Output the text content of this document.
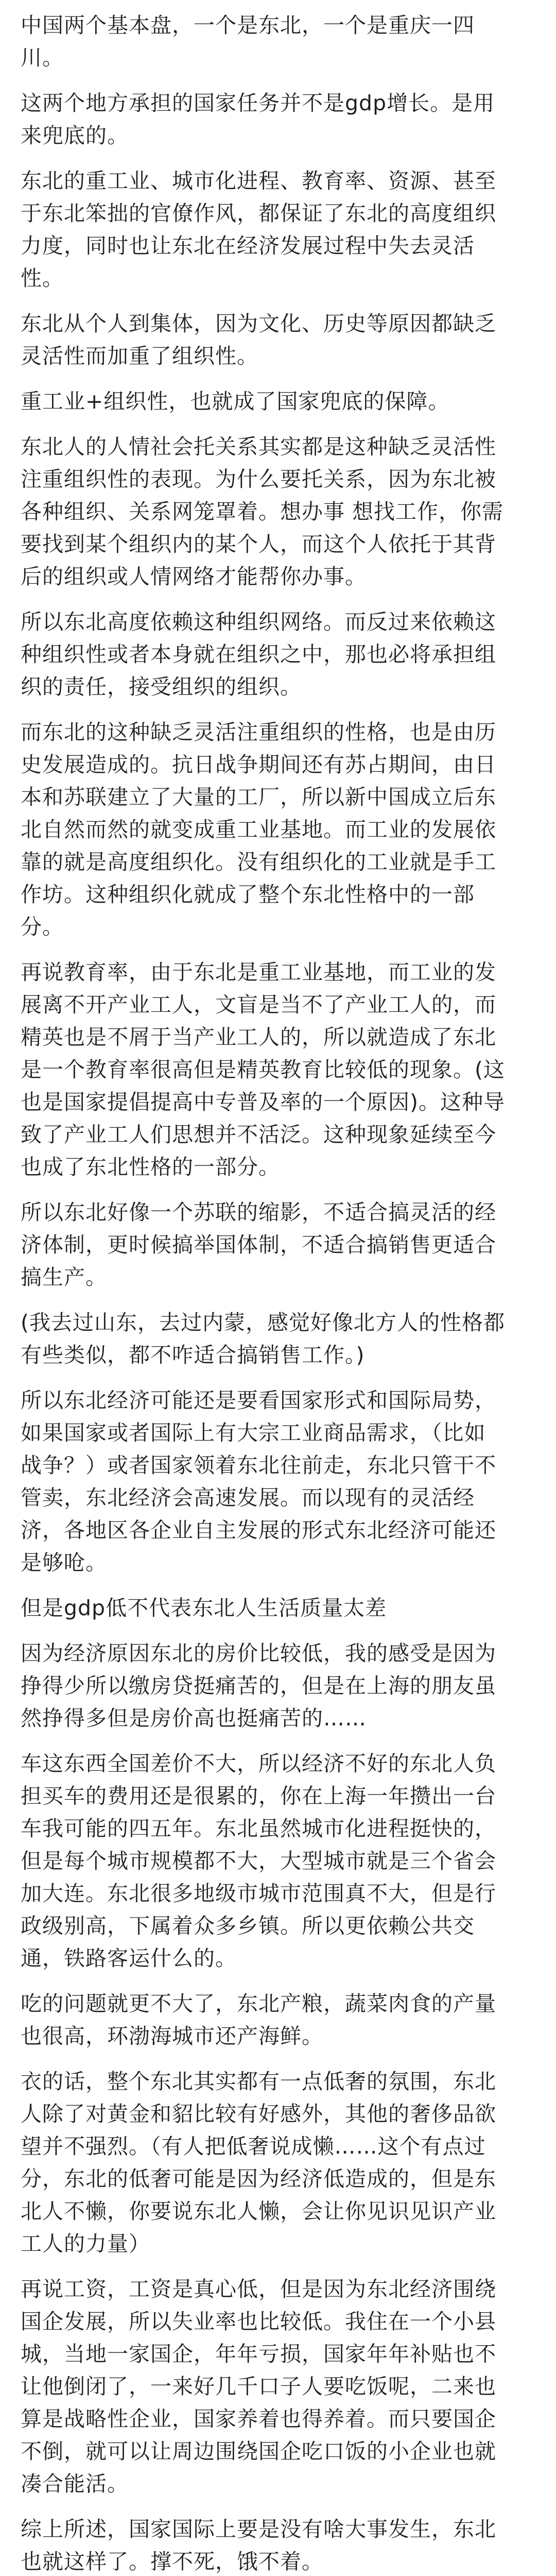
中国两个基本盘，一个是东北，一个是重庆一四
川。

这两个地方承担的国家任务并不是gdp增长。是用
来兜底的。

东北的重工业、城市化进程、教育率、资源、甚至
于东北笨拙的官僚作风，都保证了东北的高度组织
力度，同时也让东北在经济发展过程中失去灵活
性。

东北从个人到集体，因为文化、历史等原因都缺乏
灵活性而加重了组织性。

重工业+组织性，也就成了国家兜底的保障。

东北人的人情社会托关系其实都是这种缺乏灵活性
注重组织性的表现。为什么要托关系，因为东北被
各种组织、关系网笼罩着。想办事 想找工作，你需
要找到某个组织内的某个人，而这个人依托于其背
后的组织或人情网络才能帮你办事。

所以东北高度依赖这种组织网络。而反过来依赖这
种组织性或者本身就在组织之中，那也必将承担组
织的责任，接受组织的组织。

而东北的这种缺乏灵活注重组织的性格，也是由历
史发展造成的。抗日战争期间还有苏占期间，由日
本和苏联建立了大量的工厂，所以新中国成立后东
北自然而然的就变成重工业基地。而工业的发展依
靠的就是高度组织化。没有组织化的工业就是手工
作坊。这种组织化就成了整个东北性格中的一部
分。

再说教育率，由于东北是重工业基地，而工业的发
展离不开产业工人，文盲是当不了产业工人的，而
精英也是不屑于当产业工人的，所以就造成了东北
是一个教育率很高但是精英教育比较低的现象。(这
也是国家提倡提高中专普及率的一个原因)。这种导
致了产业工人们思想并不活泛。这种现象延续至今
也成了东北性格的一部分。

所以东北好像一个苏联的缩影，不适合搞灵活的经
济体制，更时候搞举国体制，不适合搞销售更适合
搞生产。

(我去过山东，去过内蒙，感觉好像北方人的性格都
有些类似，都不咋适合搞销售工作。)

所以东北经济可能还是要看国家形式和国际局势，
如果国家或者国际上有大宗工业商品需求，（比如
战争？）或者国家领着东北往前走，东北只管干不
管卖，东北经济会高速发展。而以现有的灵活经
济，各地区各企业自主发展的形式东北经济可能还
是够呛。

但是gdp低不代表东北人生活质量太差

因为经济原因东北的房价比较低，我的感受是因为
挣得少所以缴房贷挺痛苦的，但是在上海的朋友虽
然挣得多但是房价高也挺痛苦的……

车这东西全国差价不大，所以经济不好的东北人负
担买车的费用还是很累的，你在上海一年攒出一台
车我可能的四五年。东北虽然城市化进程挺快的，
但是每个城市规模都不大，大型城市就是三个省会
加大连。东北很多地级市城市范围真不大，但是行
政级别高，下属着众多乡镇。所以更依赖公共交
通，铁路客运什么的。

吃的问题就更不大了，东北产粮，蔬菜肉食的产量
也很高，环渤海城市还产海鲜。

衣的话，整个东北其实都有一点低奢的氛围，东北
人除了对黄金和貂比较有好感外，其他的奢侈品欲
望并不强烈。（有人把低奢说成懒……这个有点过
分，东北的低奢可能是因为经济低造成的，但是东
北人不懒，你要说东北人懒，会让你见识见识产业
工人的力量）

再说工资，工资是真心低，但是因为东北经济围绕
国企发展，所以失业率也比较低。我住在一个小县
城，当地一家国企，年年亏损，国家年年补贴也不
让他倒闭了，一来好几千口子人要吃饭呢，二来也
算是战略性企业，国家养着也得养着。而只要国企
不倒，就可以让周边围绕国企吃口饭的小企业也就
凑合能活。

综上所述，国家国际上要是没有啥大事发生，东北
也就这样了。撑不死，饿不着。
